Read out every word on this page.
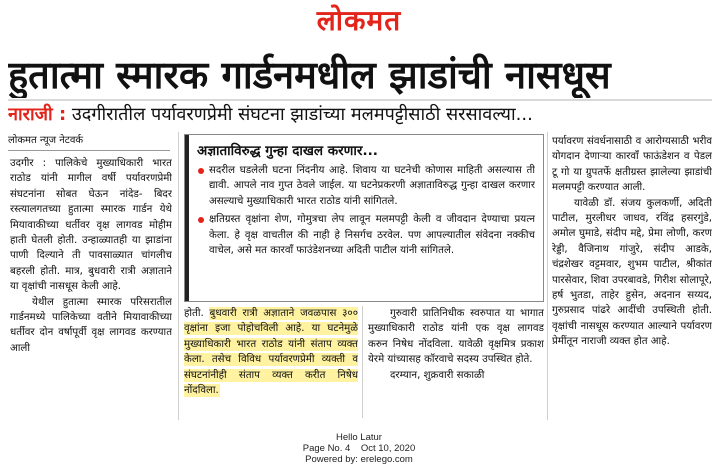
लोकमत
हुतात्मा स्मारक गार्डनमधील झाडांची नासधूस
नाराजी : उदगीरातील पर्यावरणप्रेमी संघटना झाडांच्या मलमपट्टीसाठी सरसावल्या...
लोकमत न्यूज नेटवर्क

उदगीर : पालिकेचे मुख्याधिकारी भारत राठोड यांनी मागील वर्षी पर्यावरणप्रेमी संघटनांना सोबत घेऊन नांदेड- बिदर रस्त्यालगतच्या हुतात्मा स्मारक गार्डन येथे मियावाकीच्या धर्तीवर वृक्ष लागवड मोहीम हाती घेतली होती. उन्हाळ्यातही या झाडांना पाणी दिल्याने ती पावसाळ्यात चांगलीच बहरली होती. मात्र, बुधवारी रात्री अज्ञाताने या वृक्षांची नासधूस केली आहे.

येथील हुतात्मा स्मारक परिसरातील गार्डनमध्ये पालिकेच्या वतीने मियावाकीच्या धर्तीवर दोन वर्षापूर्वी वृक्ष लागवड करण्यात आली

अज्ञाताविरुद्ध गुन्हा दाखल करणार...

सदरील घडलेली घटना निंदनीय आहे. शिवाय या घटनेची कोणास माहिती असल्यास ती द्यावी. आपले नाव गुप्त ठेवले जाईल. या घटनेप्रकरणी अज्ञाताविरुद्ध गुन्हा दाखल करणार असल्याचे मुख्याधिकारी भारत राठोड यांनी सांगितले.

क्षतिग्रस्त वृक्षांना शेण, गोमुत्रचा लेप लावून मलमपट्टी केली व जीवदान देण्याचा प्रयत्न केला. हे वृक्ष वाचतील की नाही हे निसर्गच ठरवेल. पण आपल्यातील संवेदना नक्कीच वाचेल, असे मत कारवाँ फाउंडेशनच्या अदिती पाटील यांनी सांगितले.

होती. बुधवारी रात्री अज्ञाताने जवळपास ३०० वृक्षांना इजा पोहोचविली आहे. या घटनेमुळे मुख्याधिकारी भारत राठोड यांनी संताप व्यक्त केला. तसेच विविध पर्यावरणप्रेमी व्यक्ती व संघटनांनीही संताप व्यक्त करीत निषेध नोंदविला.

गुरुवारी प्रातिनिधीक स्वरुपात या भागात मुख्याधिकारी राठोड यांनी एक वृक्ष लागवड करुन निषेध नोंदविला. यावेळी वृक्षमित्र प्रकाश येरमे यांच्यासह कॉरवाचे सदस्य उपस्थित होते.

दरम्यान, शुक्रवारी सकाळी

पर्यावरण संवर्धनासाठी व आरोग्यसाठी भरीव योगदान देणाऱ्या कारवाँ फाऊंडेशन व पेडल टू गो या ग्रुपतर्फे क्षतीग्रस्त झालेल्या झाडांची मलमपट्टी करण्यात आली.

यावेळी डॉ. संजय कुलकर्णी, अदिती पाटील, मुरलीधर जाधव, रविंद्र हसरगुंडे, अमोल घुमाडे, संदीप मद्दे, प्रेमा लोणी, करण रेड्डी, वैजिनाथ गांजुरे, संदीप आडके, चंद्रशेखर वट्टमवार, शुभम पाटील, श्रीकांत पारसेवार, शिवा उपरबावडे, गिरीश सोलापूरे, हर्ष भुतडा, ताहेर हुसेन, अदनान सय्यद, गुरुप्रसाद पांढरे आदींची उपस्थिती होती. वृक्षांची नासधूस करण्यात आल्याने पर्यावरण प्रेमींतून नाराजी व्यक्त होत आहे.

Hello Latur
Page No. 4    Oct 10, 2020
Powered by: erelego.com
